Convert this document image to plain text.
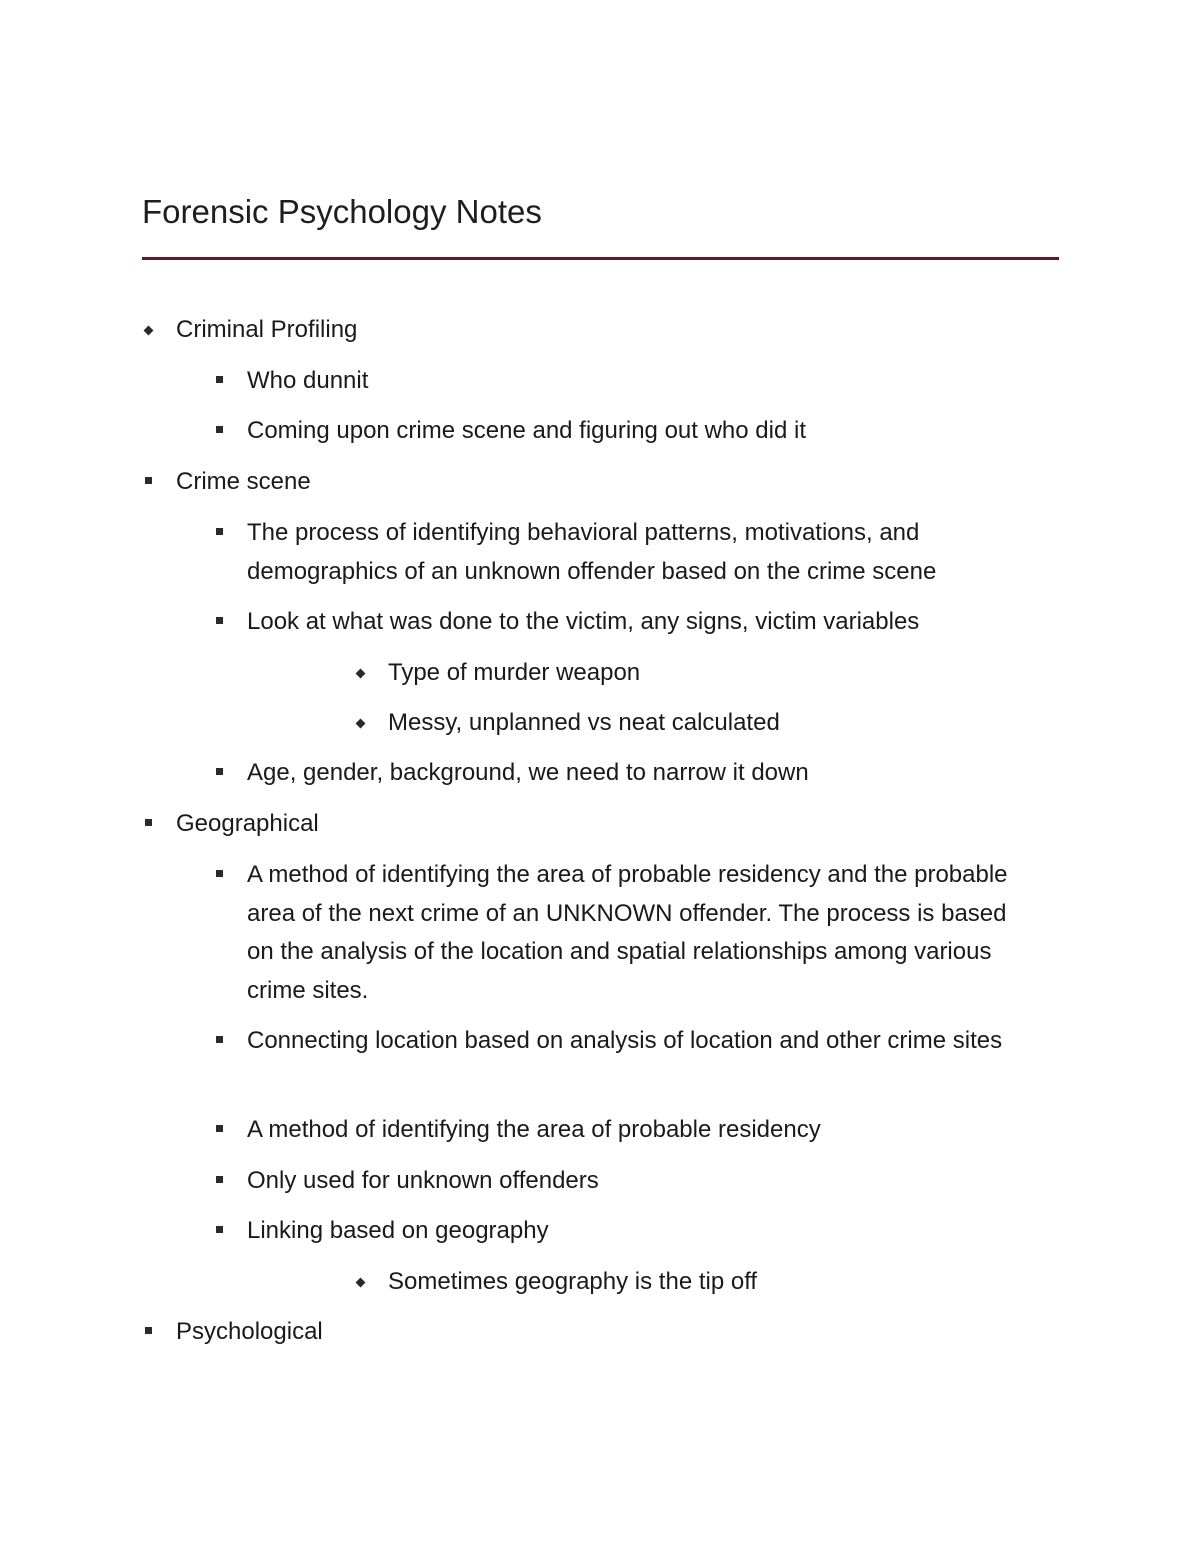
Forensic Psychology Notes
Criminal Profiling
Who dunnit
Coming upon crime scene and figuring out who did it
Crime scene
The process of identifying behavioral patterns, motivations, and demographics of an unknown offender based on the crime scene
Look at what was done to the victim, any signs, victim variables
Type of murder weapon
Messy, unplanned vs neat calculated
Age, gender, background, we need to narrow it down
Geographical
A method of identifying the area of probable residency and the probable area of the next crime of an UNKNOWN offender. The process is based on the analysis of the location and spatial relationships among various crime sites.
Connecting location based on analysis of location and other crime sites
A method of identifying the area of probable residency
Only used for unknown offenders
Linking based on geography
Sometimes geography is the tip off
Psychological
